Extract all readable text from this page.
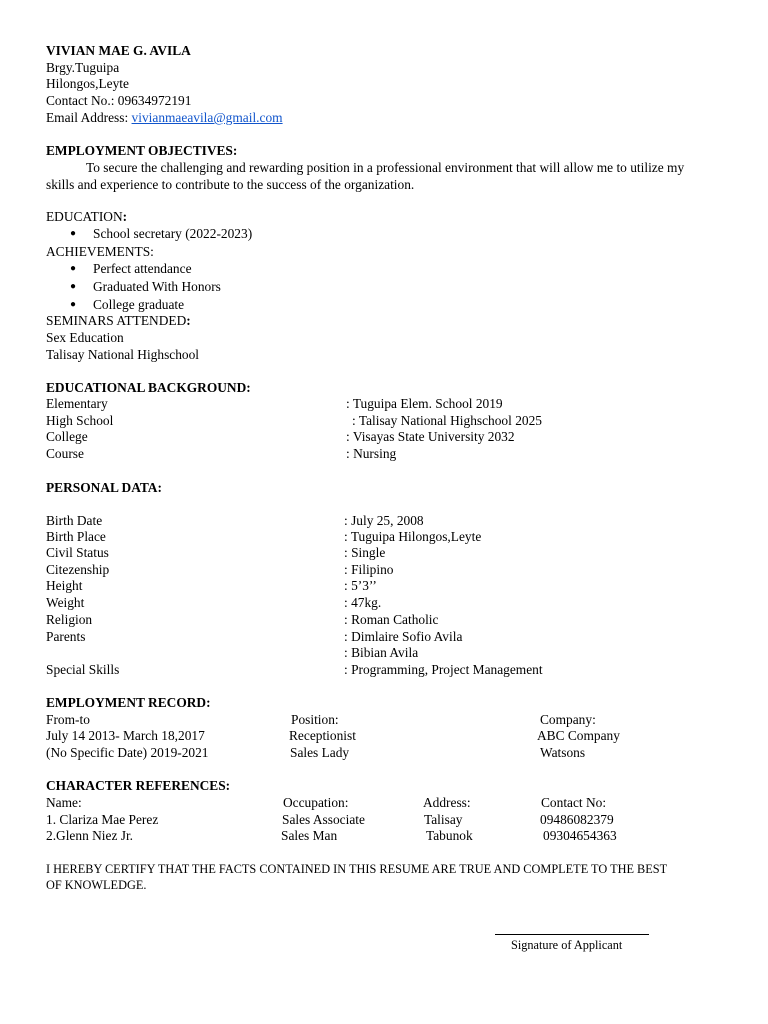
VIVIAN MAE G. AVILA
Brgy.Tuguipa
Hilongos,Leyte
Contact No.: 09634972191
Email Address: vivianmaeavila@gmail.com
EMPLOYMENT OBJECTIVES:
To secure the challenging and rewarding position in a professional environment that will allow me to utilize my
skills and experience to contribute to the success of the organization.
EDUCATION:
● School secretary (2022-2023)
ACHIEVEMENTS:
● Perfect attendance
● Graduated With Honors
● College graduate
SEMINARS ATTENDED:
Sex Education
Talisay National Highschool
EDUCATIONAL BACKGROUND:
Elementary	: Tuguipa Elem. School 2019
High School	: Talisay National Highschool 2025
College	: Visayas State University 2032
Course	: Nursing
PERSONAL DATA:
Birth Date	: July 25, 2008
Birth Place	: Tuguipa Hilongos,Leyte
Civil Status	: Single
Citezenship	: Filipino
Height	: 5’3’’
Weight	: 47kg.
Religion	: Roman Catholic
Parents	: Dimlaire Sofio Avila
: Bibian Avila
Special Skills	: Programming, Project Management
EMPLOYMENT RECORD:
From-to	Position:	Company:
July 14 2013- March 18,2017	Receptionist	ABC Company
(No Specific Date) 2019-2021	Sales Lady	Watsons
CHARACTER REFERENCES:
Name:	Occupation:	Address:	Contact No:
1. Clariza Mae Perez	Sales Associate	Talisay	09486082379
2.Glenn Niez Jr.	Sales Man	Tabunok	09304654363
I HEREBY CERTIFY THAT THE FACTS CONTAINED IN THIS RESUME ARE TRUE AND COMPLETE TO THE BEST
OF KNOWLEDGE.
Signature of Applicant
